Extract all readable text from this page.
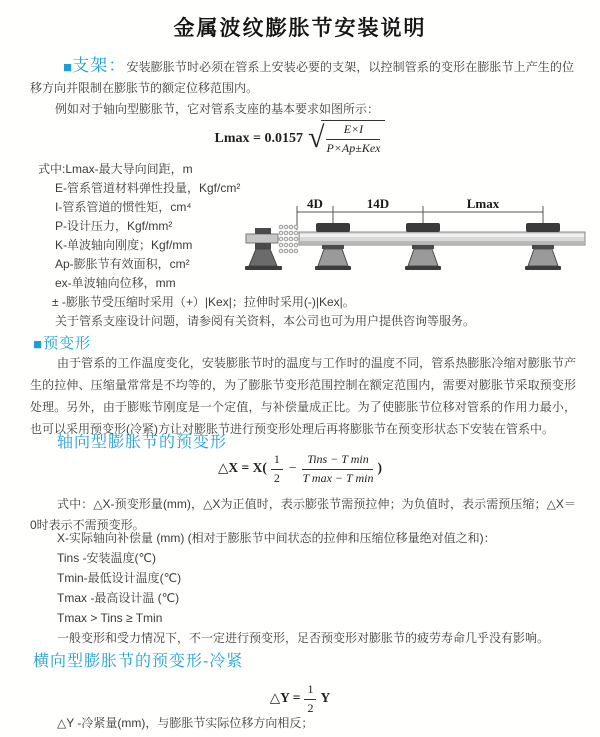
金属波纹膨胀节安装说明
■支架：安装膨胀节时必须在管系上安装必要的支架，以控制管系的变形在膨胀节上产生的位移方向并限制在膨胀节的额定位移范围内。
例如对于轴向型膨胀节，它对管系支座的基本要求如图所示：
Lmax = 0.0157 √ $\frac{E\times I}{\text{P×Ap±Kex}}$
式中:Lmax-最大导向间距，m
E-管系管道材料弹性投量，Kgf/cm²
I-管系管道的惯性矩，cm⁴
P-设计压力，Kgf/mm²
K-单波轴向刚度；Kgf/mm
Ap-膨胀节有效面积，cm²
ex-单波轴向位移，mm
± -膨胀节受压缩时采用（+）|Kex|；拉伸时采用(-)|Kex|。
关于管系支座设计问题，请参阅有关资料，本公司也可为用户提供咨询等服务。
4D	14D	Lmax
■预变形
由于管系的工作温度变化，安装膨胀节时的温度与工作时的温度不同，管系热膨胀冷缩对膨胀节产生的拉伸、压缩量常常是不均等的，为了膨胀节变形范围控制在额定范围内，需要对膨胀节采取预变形处理。另外，由于膨账节刚度是一个定值，与补偿量成正比。为了使膨胀节位移对管系的作用力最小，也可以采用预变形(冷紧)方让对膨胀节进行预变形处理后再将膨胀节在预变形状态下安装在管系中。
轴向型膨胀节的预变形
△X = $X( \frac{1}{2} - \frac{\text{Tins − T min}}{\text{T max − T min}}$ )
式中：△X-预变形量(mm)，△X为正值时，表示膨张节需预拉伸；为负值时，表示需预压缩；△X＝0时表示不需预变形。
X-实际轴向补偿量 (mm) (相对于膨胀节中间状态的拉伸和压缩位移量绝对值之和)：
Tins -安装温度(℃)
Tmin-最低设计温度(℃)
Tmax -最高设计温 (℃)
Tmax > Tins ≥ Tmin
一般变形和受力情况下，不一定进行预变形，足否预变形对膨胀节的疲劳寿命几乎没有影响。
横向型膨胀节的预变形-冷紧
△Y = $\frac{1}{2}$ Y
△Y -冷紧量(mm)，与膨胀节实际位移方向相反；
